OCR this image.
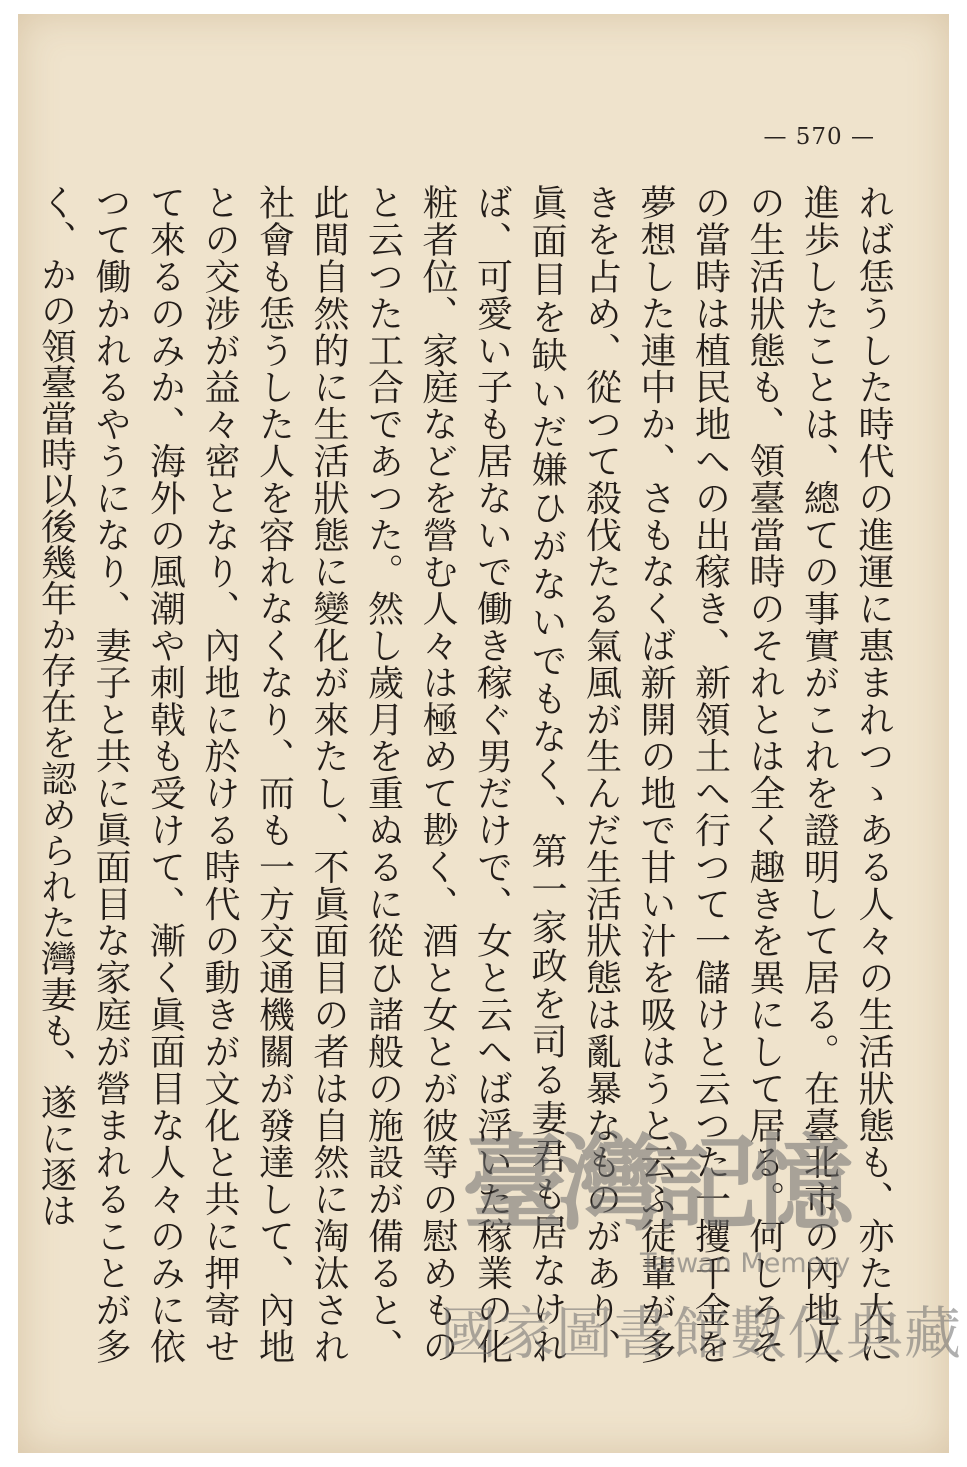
— 570 —

れば恁うした時代の進運に惠まれつゝある人々の生活狀態も、亦た大に進歩したことは、總ての事實がこれを證明して居る。在臺北市の內地人の生活狀態も、領臺當時のそれとは全く趣きを異にして居る。何しろその當時は植民地への出稼き、新領土へ行つて一儲けと云つた一攫千金を夢想した連中か、さもなくば新開の地で甘い汁を吸はうと云ふ徒輩が多きを占め、從つて殺伐たる氣風が生んだ生活狀態は亂暴なものがあり、眞面目を缺いだ嫌ひがないでもなく、第一家政を司る妻君も居なければ、可愛い子も居ないで働き稼ぐ男だけで、女と云へば浮いた稼業の化粧者位、家庭などを營む人々は極めて尠く、酒と女とが彼等の慰めものと云つた工合であつた。然し歲月を重ぬるに從ひ諸般の施設が備ると、此間自然的に生活狀態に變化が來たし、不眞面目の者は自然に淘汰され社會も恁うした人を容れなくなり、而も一方交通機關が發達して、內地との交涉が益々密となり、內地に於ける時代の動きが文化と共に押寄せて來るのみか、海外の風潮や刺戟も受けて、漸く眞面目な人々のみに依つて働かれるやうになり、妻子と共に眞面目な家庭が營まれることが多く、かの領臺當時以後幾年か存在を認められた灣妻も、遂に逐は	臺灣記憶
Taiwan Memory
國家圖書館數位典藏
